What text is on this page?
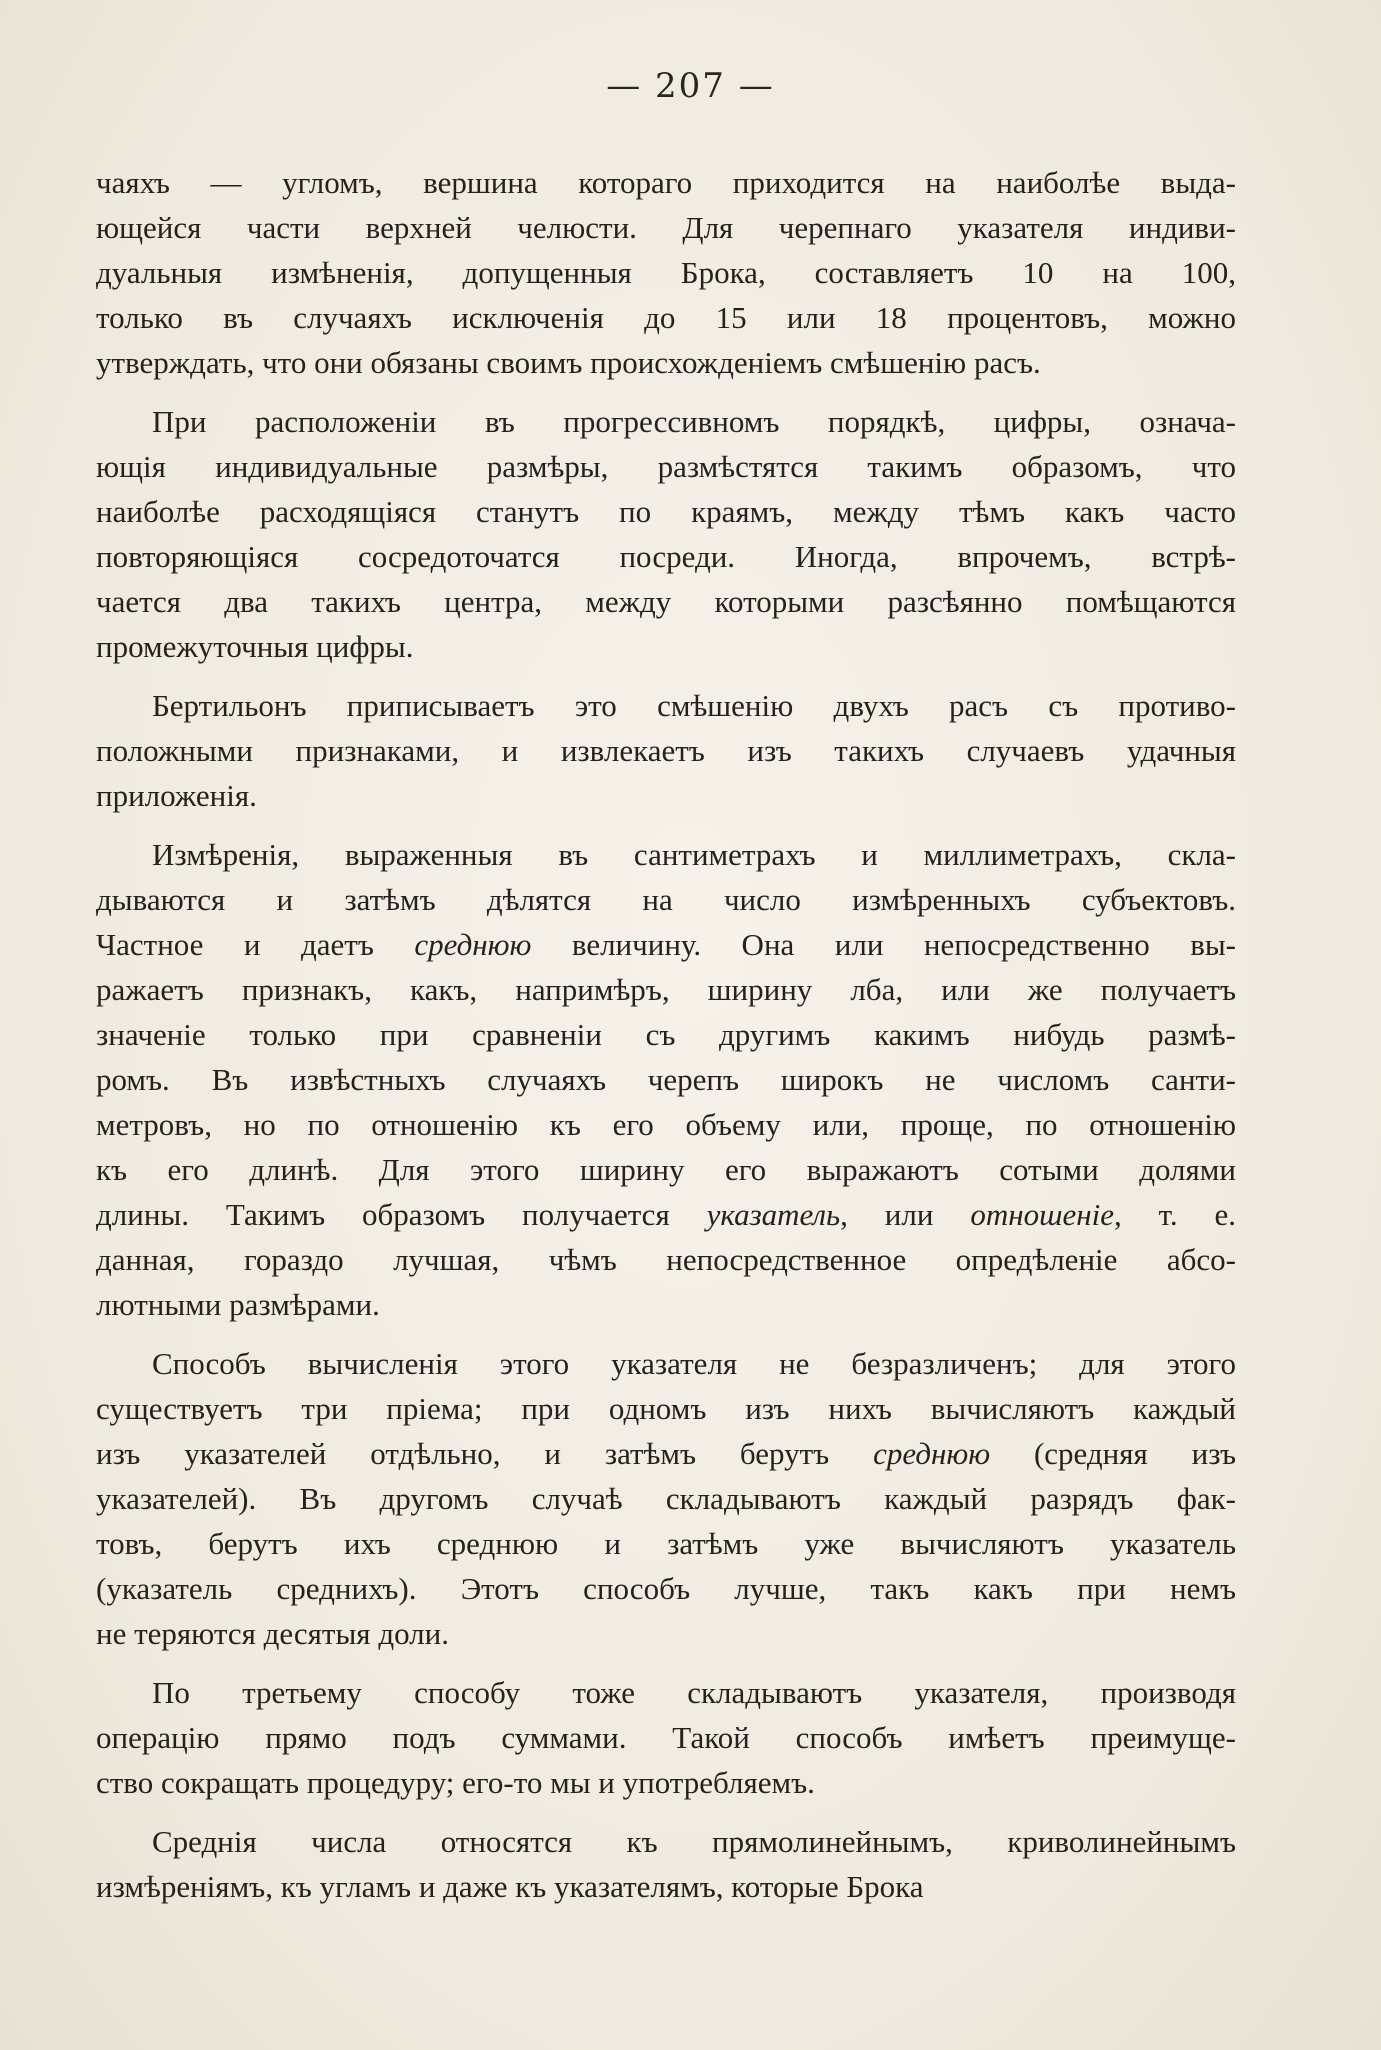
— 207 —
чаяхъ — угломъ, вершина котораго приходится на наиболѣе выда-
ющейся части верхней челюсти. Для черепнаго указателя индиви-
дуальныя измѣненія, допущенныя Брока, составляетъ 10 на 100,
только въ случаяхъ исключенія до 15 или 18 процентовъ, можно
утверждать, что они обязаны своимъ происхожденіемъ смѣшенію расъ.
При расположеніи въ прогрессивномъ порядкѣ, цифры, означа-
ющія индивидуальные размѣры, размѣстятся такимъ образомъ, что
наиболѣе расходящіяся станутъ по краямъ, между тѣмъ какъ часто
повторяющіяся сосредоточатся посреди. Иногда, впрочемъ, встрѣ-
чается два такихъ центра, между которыми разсѣянно помѣщаются
промежуточныя цифры.
Бертильонъ приписываетъ это смѣшенію двухъ расъ съ противо-
положными признаками, и извлекаетъ изъ такихъ случаевъ удачныя
приложенія.
Измѣренія, выраженныя въ сантиметрахъ и миллиметрахъ, скла-
дываются и затѣмъ дѣлятся на число измѣренныхъ субъектовъ.
Частное и даетъ среднюю величину. Она или непосредственно вы-
ражаетъ признакъ, какъ, напримѣръ, ширину лба, или же получаетъ
значеніе только при сравненіи съ другимъ какимъ нибудь размѣ-
ромъ. Въ извѣстныхъ случаяхъ черепъ широкъ не числомъ санти-
метровъ, но по отношенію къ его объему или, проще, по отношенію
къ его длинѣ. Для этого ширину его выражаютъ сотыми долями
длины. Такимъ образомъ получается указатель, или отношеніе, т. е.
данная, гораздо лучшая, чѣмъ непосредственное опредѣленіе абсо-
лютными размѣрами.
Способъ вычисленія этого указателя не безразличенъ; для этого
существуетъ три пріема; при одномъ изъ нихъ вычисляютъ каждый
изъ указателей отдѣльно, и затѣмъ берутъ среднюю (средняя изъ
указателей). Въ другомъ случаѣ складываютъ каждый разрядъ фак-
товъ, берутъ ихъ среднюю и затѣмъ уже вычисляютъ указатель
(указатель среднихъ). Этотъ способъ лучше, такъ какъ при немъ
не теряются десятыя доли.
По третьему способу тоже складываютъ указателя, производя
операцію прямо подъ суммами. Такой способъ имѣетъ преимуще-
ство сокращать процедуру; его-то мы и употребляемъ.
Среднія числа относятся къ прямолинейнымъ, криволинейнымъ
измѣреніямъ, къ угламъ и даже къ указателямъ, которые Брока
